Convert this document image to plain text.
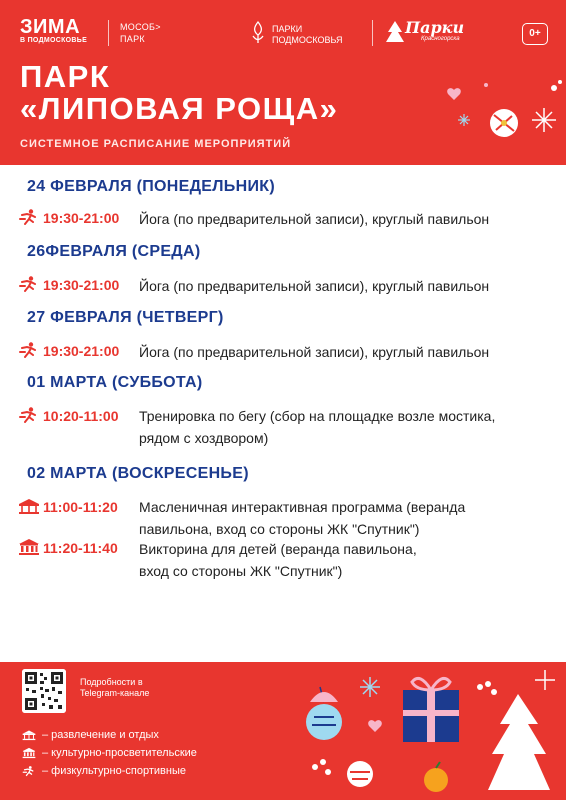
ЗИМА
В ПОДМОСКОВЬЕ
МОСОБ>
ПАРК
ПАРКИ
ПОДМОСКОВЬЯ
Парки
Красногорска	0+
ПАРК
«ЛИПОВАЯ РОЩА»
СИСТЕМНОЕ РАСПИСАНИЕ МЕРОПРИЯТИЙ
24 ФЕВРАЛЯ (ПОНЕДЕЛЬНИК)
19:30-21:00 Йога (по предварительной записи), круглый павильон
26ФЕВРАЛЯ (СРЕДА)
19:30-21:00 Йога (по предварительной записи), круглый павильон
27 ФЕВРАЛЯ (ЧЕТВЕРГ)
19:30-21:00 Йога (по предварительной записи), круглый павильон
01 МАРТА (СУББОТА)
10:20-11:00 Тренировка по бегу (сбор на площадке возле мостика,
рядом с хоздвором)
02 МАРТА (ВОСКРЕСЕНЬЕ)
11:00-11:20 Масленичная интерактивная программа (веранда
павильона, вход со стороны ЖК "Спутник")
11:20-11:40 Викторина для детей (веранда павильона,
вход со стороны ЖК "Спутник")
Подробности в
Telegram-канале
– развлечение и отдых
– культурно-просветительские
– физкультурно-спортивные
